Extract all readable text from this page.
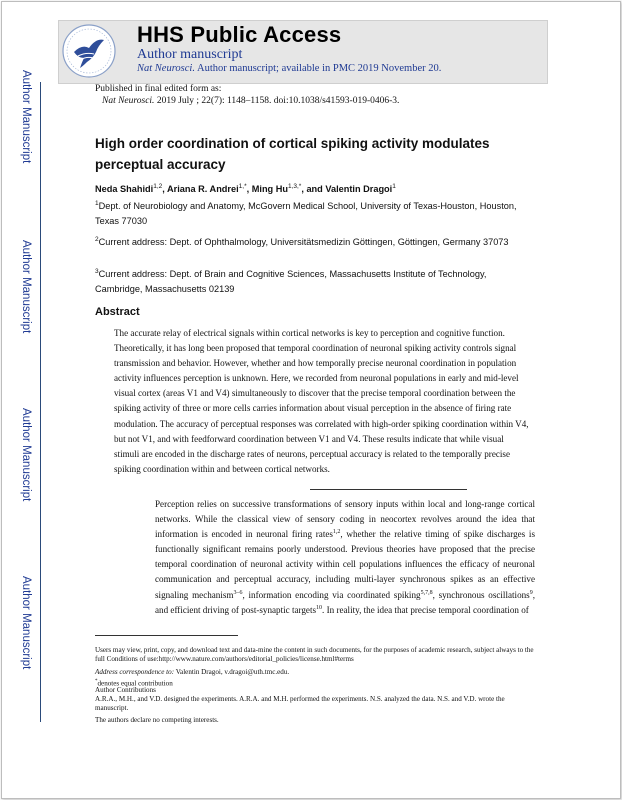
HHS Public Access
Author manuscript
Nat Neurosci. Author manuscript; available in PMC 2019 November 20.
Author Manuscript
Author Manuscript
Author Manuscript
Author Manuscript
Published in final edited form as:
Nat Neurosci. 2019 July ; 22(7): 1148–1158. doi:10.1038/s41593-019-0406-3.
High order coordination of cortical spiking activity modulates perceptual accuracy
Neda Shahidi$^{1,2}$, Ariana R. Andrei$^{1,*}$, Ming $Hu^{1,3,*}$, and Valentin Dragoi$^1$
$^1$Dept. of Neurobiology and Anatomy, McGovern Medical School, University of Texas-Houston, Houston, Texas 77030
$^2$Current address: Dept. of Ophthalmology, Universitätsmedizin Göttingen, Göttingen, Germany 37073
$^3$Current address: Dept. of Brain and Cognitive Sciences, Massachusetts Institute of Technology, Cambridge, Massachusetts 02139
Abstract
The accurate relay of electrical signals within cortical networks is key to perception and cognitive function. Theoretically, it has long been proposed that temporal coordination of neuronal spiking activity controls signal transmission and behavior. However, whether and how temporally precise neuronal coordination in population activity influences perception is unknown. Here, we recorded from neuronal populations in early and mid-level visual cortex (areas V1 and V4) simultaneously to discover that the precise temporal coordination between the spiking activity of three or more cells carries information about visual perception in the absence of firing rate modulation. The accuracy of perceptual responses was correlated with high-order spiking coordination within V4, but not V1, and with feedforward coordination between V1 and V4. These results indicate that while visual stimuli are encoded in the discharge rates of neurons, perceptual accuracy is related to the temporally precise spiking coordination within and between cortical networks.
Perception relies on successive transformations of sensory inputs within local and long-range cortical networks. While the classical view of sensory coding in neocortex revolves around the idea that information is encoded in neuronal firing rates$^{1,2}$, whether the relative timing of spike discharges is functionally significant remains poorly understood. Previous theories have proposed that the precise temporal coordination of neuronal activity within cell populations influences the efficacy of neuronal communication and perceptual accuracy, including multi-layer synchronous spikes as an effective signaling mechanism$^{3-6}$, information encoding via coordinated spiking$^{5,7,8}$, synchronous oscillations$^9$, and efficient driving of post-synaptic targets$^{10}$. In reality, the idea that precise temporal coordination of
Users may view, print, copy, and download text and data-mine the content in such documents, for the purposes of academic research, subject always to the full Conditions of use:http://www.nature.com/authors/editorial_policies/license.html#terms
Address correspondence to: Valentin Dragoi, v.dragoi@uth.tmc.edu.
*denotes equal contribution
Author Contributions
A.R.A., M.H., and V.D. designed the experiments. A.R.A. and M.H. performed the experiments. N.S. analyzed the data. N.S. and V.D. wrote the manuscript.
The authors declare no competing interests.
